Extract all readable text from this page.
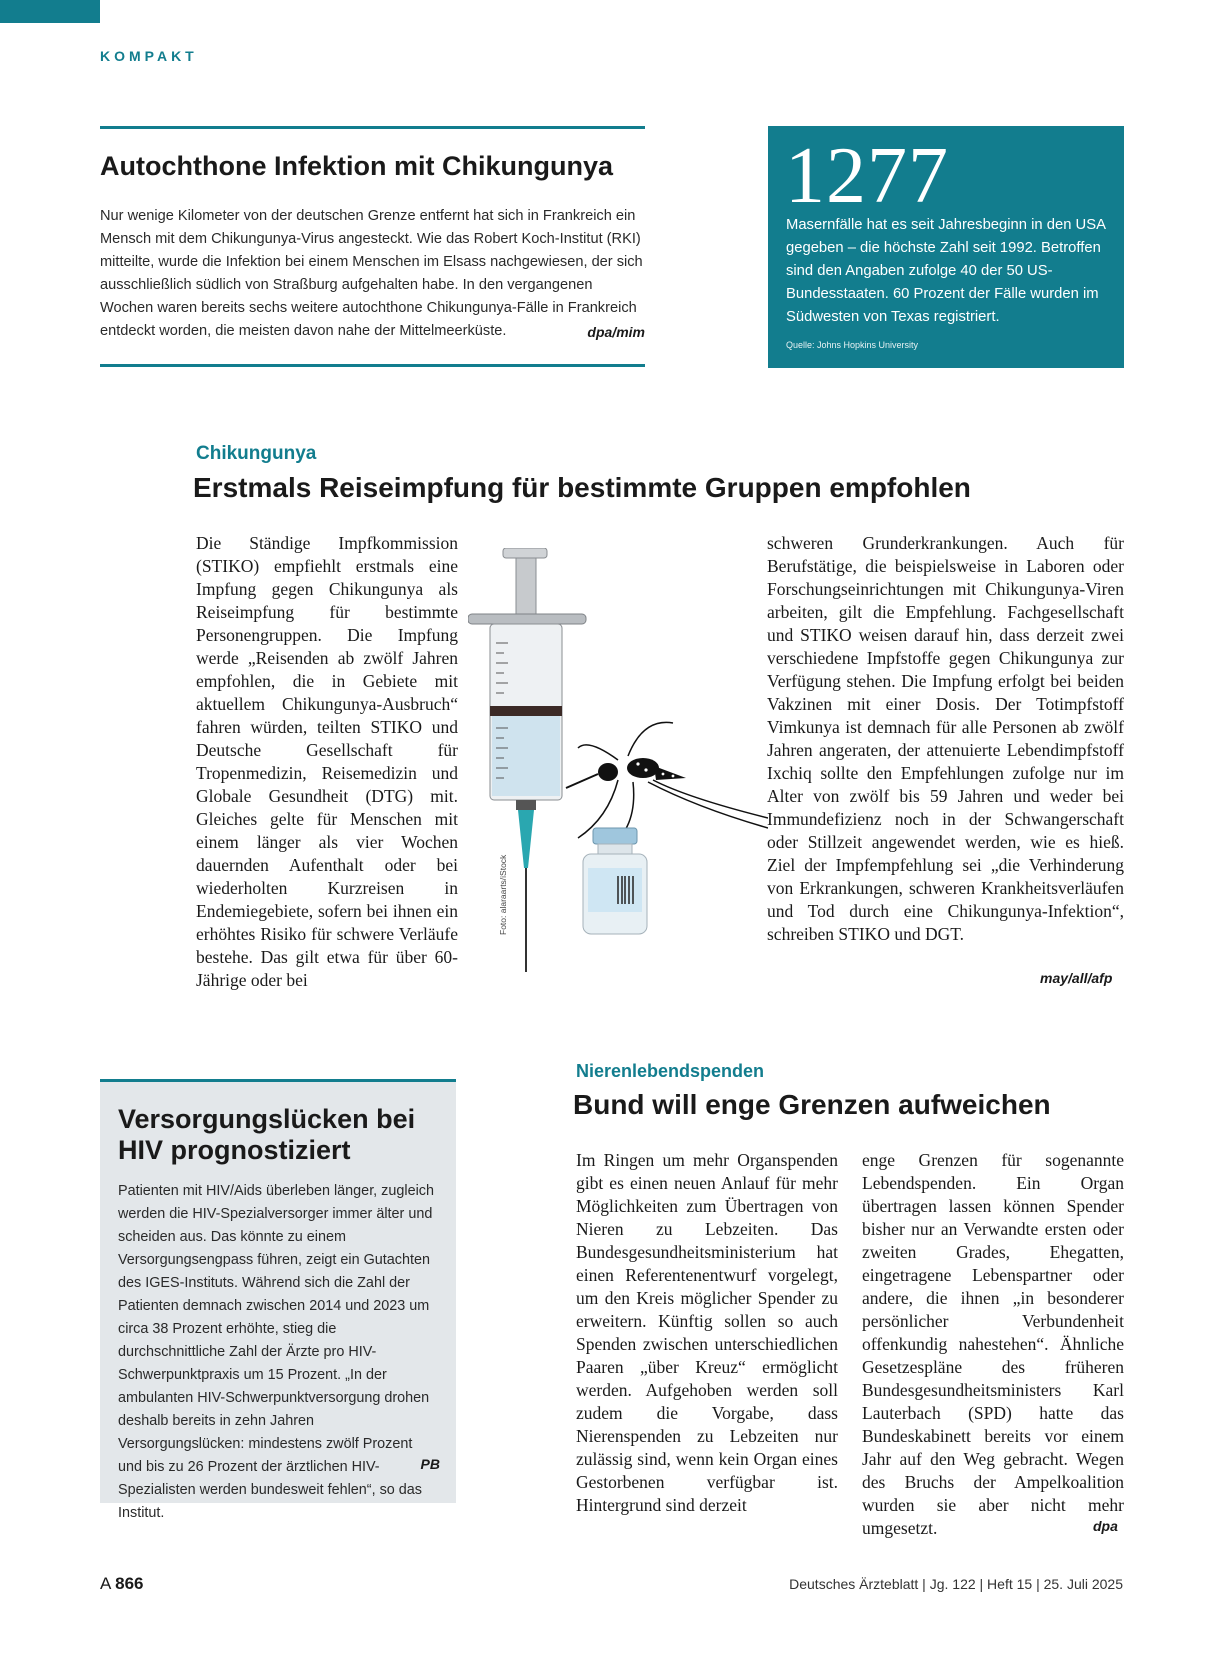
KOMPAKT
Autochthone Infektion mit Chikungunya

Nur wenige Kilometer von der deutschen Grenze entfernt hat sich in Frankreich ein Mensch mit dem Chikungunya-Virus angesteckt. Wie das Robert Koch-Institut (RKI) mitteilte, wurde die Infektion bei einem Menschen im Elsass nachgewiesen, der sich ausschließlich südlich von Straßburg aufgehalten habe. In den vergangenen Wochen waren bereits sechs weitere autochthone Chikungunya-Fälle in Frankreich entdeckt worden, die meisten davon nahe der Mittelmeerküste.	dpa/mim
1277

Masernfälle hat es seit Jahresbeginn in den USA gegeben – die höchste Zahl seit 1992. Betroffen sind den Angaben zufolge 40 der 50 US-Bundesstaaten. 60 Prozent der Fälle wurden im Südwesten von Texas registriert.

Quelle: Johns Hopkins University
Chikungunya
Erstmals Reiseimpfung für bestimmte Gruppen empfohlen

Die Ständige Impfkommission (STIKO) empfiehlt erstmals eine Impfung gegen Chikungunya als Reiseimpfung für bestimmte Personengruppen. Die Impfung werde „Reisenden ab zwölf Jahren empfohlen, die in Gebiete mit aktuellem Chikungunya-Ausbruch“ fahren würden, teilten STIKO und Deutsche Gesellschaft für Tropenmedizin, Reisemedizin und Globale Gesundheit (DTG) mit. Gleiches gelte für Menschen mit einem länger als vier Wochen dauernden Aufenthalt oder bei wiederholten Kurzreisen in Endemiegebiete, sofern bei ihnen ein erhöhtes Risiko für schwere Verläufe bestehe. Das gilt etwa für über 60-Jährige oder bei

schweren Grunderkrankungen. Auch für Berufstätige, die beispielsweise in Laboren oder Forschungseinrichtungen mit Chikungunya-Viren arbeiten, gilt die Empfehlung. Fachgesellschaft und STIKO weisen darauf hin, dass derzeit zwei verschiedene Impfstoffe gegen Chikungunya zur Verfügung stehen. Die Impfung erfolgt bei beiden Vakzinen mit einer Dosis. Der Totimpfstoff Vimkunya ist demnach für alle Personen ab zwölf Jahren angeraten, der attenuierte Lebendimpfstoff Ixchiq sollte den Empfehlungen zufolge nur im Alter von zwölf bis 59 Jahren und weder bei Immundefizienz noch in der Schwangerschaft oder Stillzeit angewendet werden, wie es hieß. Ziel der Impfempfehlung sei „die Verhinderung von Erkrankungen, schweren Krankheitsverläufen und Tod durch eine Chikungunya-Infektion“, schreiben STIKO und DGT.

may/all/afp
Foto: alaraarts/iStock
Versorgungslücken bei HIV prognostiziert

Patienten mit HIV/Aids überleben länger, zugleich werden die HIV-Spezialversorger immer älter und scheiden aus. Das könnte zu einem Versorgungsengpass führen, zeigt ein Gutachten des IGES-Instituts. Während sich die Zahl der Patienten demnach zwischen 2014 und 2023 um circa 38 Prozent erhöhte, stieg die durchschnittliche Zahl der Ärzte pro HIV-Schwerpunktpraxis um 15 Prozent. „In der ambulanten HIV-Schwerpunktversorgung drohen deshalb bereits in zehn Jahren Versorgungslücken: mindestens zwölf Prozent und bis zu 26 Prozent der ärztlichen HIV-Spezialisten werden bundesweit fehlen“, so das Institut.

PB
Nierenlebendspenden
Bund will enge Grenzen aufweichen

Im Ringen um mehr Organspenden gibt es einen neuen Anlauf für mehr Möglichkeiten zum Übertragen von Nieren zu Lebzeiten. Das Bundesgesundheitsministerium hat einen Referentenentwurf vorgelegt, um den Kreis möglicher Spender zu erweitern. Künftig sollen so auch Spenden zwischen unterschiedlichen Paaren „über Kreuz“ ermöglicht werden. Aufgehoben werden soll zudem die Vorgabe, dass Nierenspenden zu Lebzeiten nur zulässig sind, wenn kein Organ eines Gestorbenen verfügbar ist. Hintergrund sind derzeit

enge Grenzen für sogenannte Lebendspenden. Ein Organ übertragen lassen können Spender bisher nur an Verwandte ersten oder zweiten Grades, Ehegatten, eingetragene Lebenspartner oder andere, die ihnen „in besonderer persönlicher Verbundenheit offenkundig nahestehen“. Ähnliche Gesetzespläne des früheren Bundesgesundheitsministers Karl Lauterbach (SPD) hatte das Bundeskabinett bereits vor einem Jahr auf den Weg gebracht. Wegen des Bruchs der Ampelkoalition wurden sie aber nicht mehr umgesetzt.	dpa
A 866	Deutsches Ärzteblatt | Jg. 122 | Heft 15 | 25. Juli 2025
